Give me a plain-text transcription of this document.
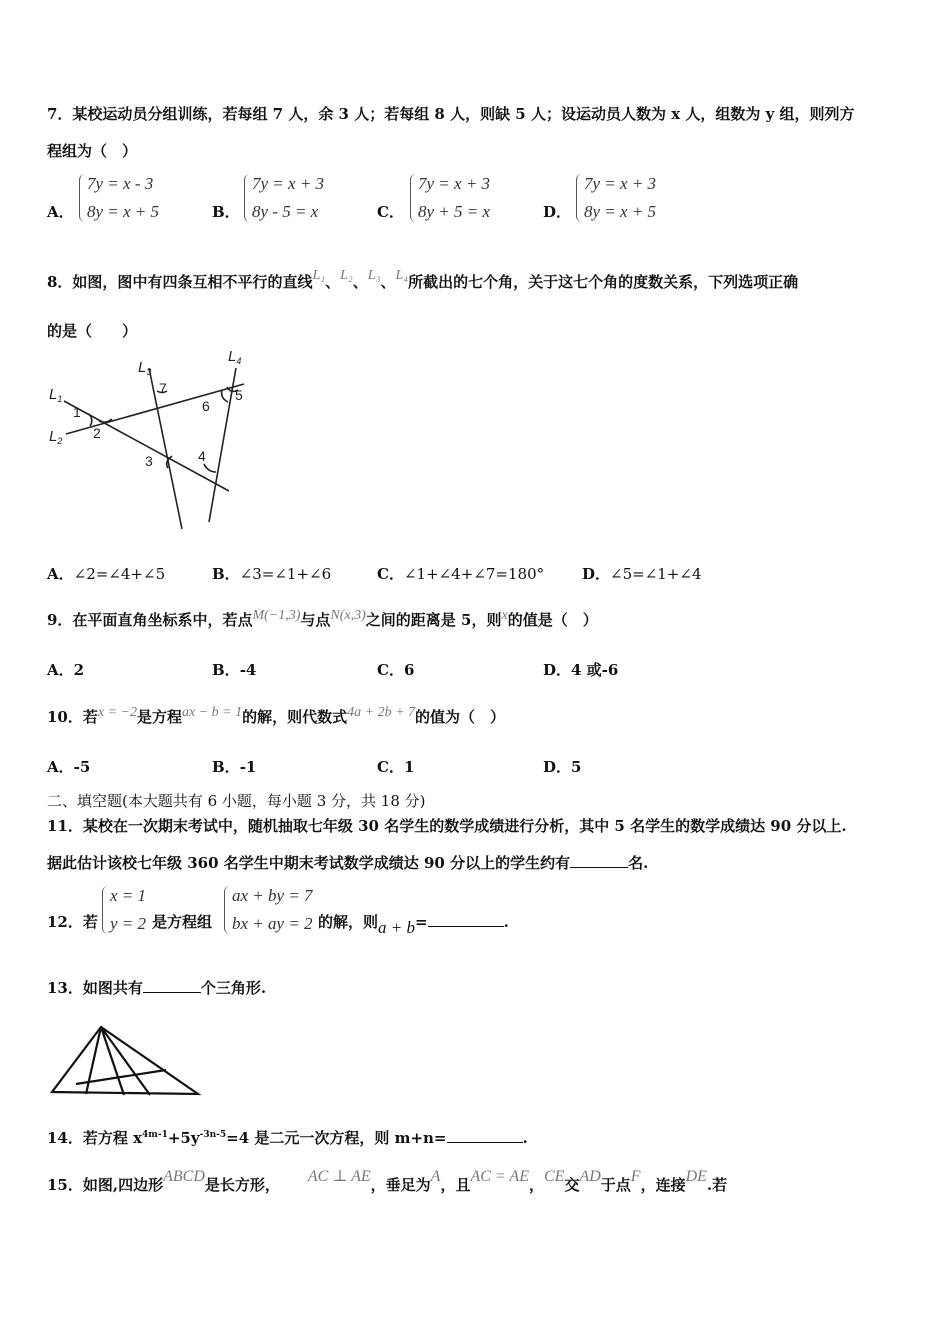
7．某校运动员分组训练，若每组 7 人，余 3 人；若每组 8 人，则缺 5 人；设运动员人数为 x 人，组数为 y 组，则列方
程组为（　）
A．
7y = x - 3
8y = x + 5	B．
7y = x + 3
8y - 5 = x	C．
7y = x + 3
8y + 5 = x	D．
7y = x + 3
8y = x + 5
8．如图，图中有四条互相不平行的直线L₁、L₂、L₃、L₄所截出的七个角，关于这七个角的度数关系，下列选项正确
的是（　　）
$L_1$
$L_2$
$L_3$
$L_4$
1
2
3	4
5
6
7
A．∠2=∠4+∠5	B．∠3=∠1+∠6	C．∠1+∠4+∠7=180°	D．∠5=∠1+∠4
9．在平面直角坐标系中，若点M(−1,3)与点N(x,3)之间的距离是 5，则x的值是（　）
A．2	B．-4	C．6	D．4 或-6
10．若x = −2是方程ax − b = 1的解，则代数式4a + 2b + 7的值为（　）
A．-5	B．-1	C．1	D．5
二、填空题(本大题共有 6 小题，每小题 3 分，共 18 分)
11．某校在一次期末考试中，随机抽取七年级 30 名学生的数学成绩进行分析，其中 5 名学生的数学成绩达 90 分以上.
据此估计该校七年级 360 名学生中期末考试数学成绩达 90 分以上的学生约有	名.
12．若
x = 1
y = 2 是方程组
ax + by = 7
bx + ay = 2 的解，则a + b=	.
13．如图共有	个三角形.
14．若方程 $x^{4m-1}+5y^{-3n-5}=4$ 是二元一次方程，则 m+n=	.
15．如图,四边形ABCD是长方形， AC ⊥ AE，垂足为A，且AC = AE，CE交AD于点F，连接DE.若
